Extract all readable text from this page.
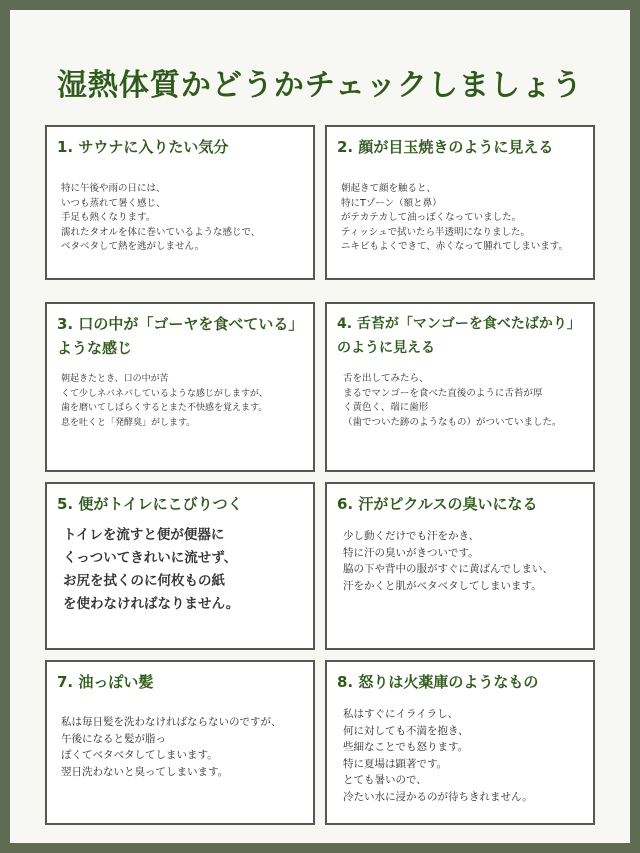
湿熱体質かどうかチェックしましょう
1. サウナに入りたい気分
特に午後や雨の日には、
いつも蒸れて暑く感じ、
手足も熱くなります。
濡れたタオルを体に巻いているような感じで、
ベタベタして熱を逃がしません。
2. 顔が目玉焼きのように見える
朝起きて顔を触ると、
特にTゾーン（額と鼻）
がテカテカして油っぽくなっていました。
ティッシュで拭いたら半透明になりました。
ニキビもよくできて、赤くなって腫れてしまいます。
3. 口の中が「ゴーヤを食べている」
ような感じ
朝起きたとき、口の中が苦
くて少しネバネバしているような感じがしますが、
歯を磨いてしばらくするとまた不快感を覚えます。
息を吐くと「発酵臭」がします。
4. 舌苔が「マンゴーを食べたばかり」
のように見える
舌を出してみたら、
まるでマンゴーを食べた直後のように舌苔が厚
く黄色く、端に歯形
（歯でついた跡のようなもの）がついていました。
5. 便がトイレにこびりつく
トイレを流すと便が便器に
くっついてきれいに流せず、
お尻を拭くのに何枚もの紙
を使わなければなりません。
6. 汗がピクルスの臭いになる
少し動くだけでも汗をかき、
特に汗の臭いがきついです。
脇の下や背中の服がすぐに黄ばんでしまい、
汗をかくと肌がベタベタしてしまいます。
7. 油っぽい髪
私は毎日髪を洗わなければならないのですが、
午後になると髪が脂っ
ぽくてベタベタしてしまいます。
翌日洗わないと臭ってしまいます。
8. 怒りは火薬庫のようなもの
私はすぐにイライラし、
何に対しても不満を抱き、
些細なことでも怒ります。
特に夏場は顕著です。
とても暑いので、
冷たい水に浸かるのが待ちきれません。
